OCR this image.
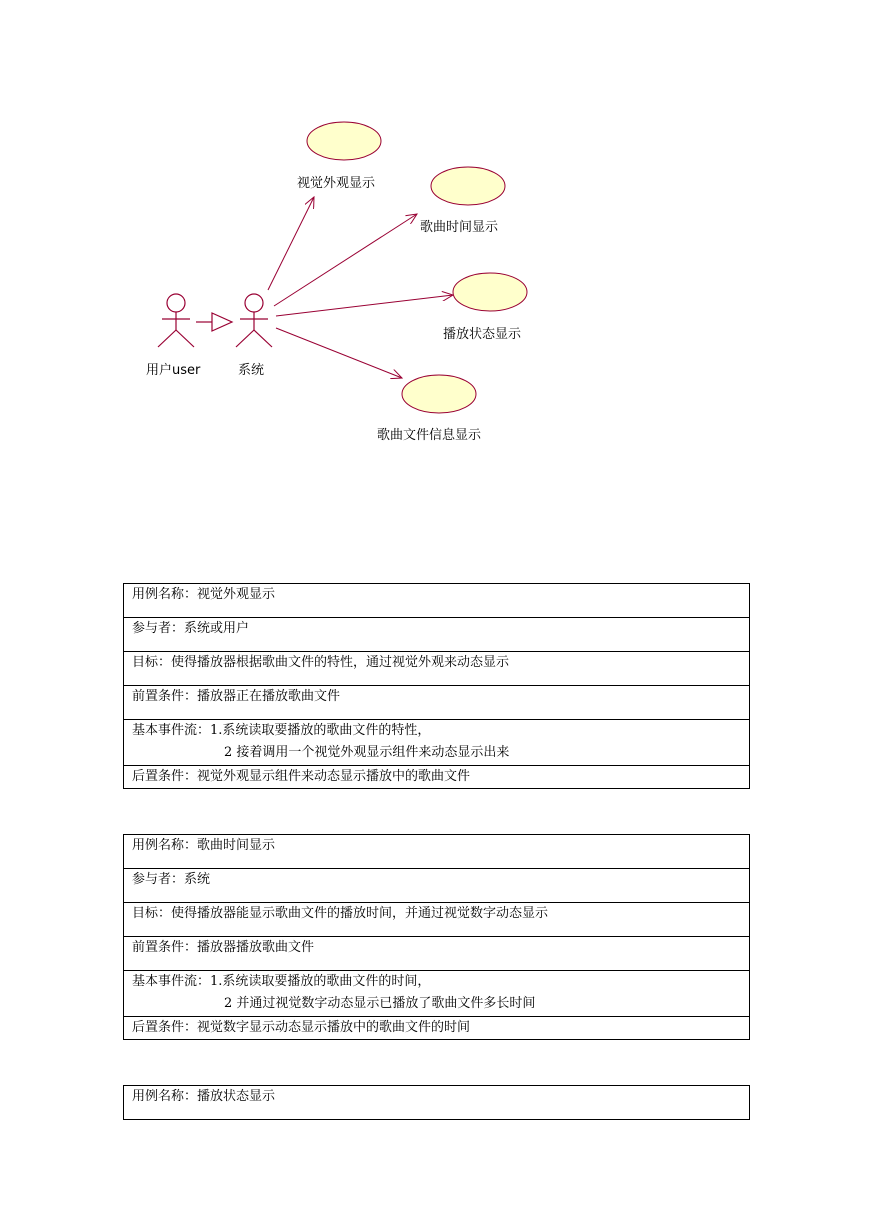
用户user	系统
视觉外观显示
歌曲时间显示
播放状态显示
歌曲文件信息显示
用例名称：视觉外观显示
参与者：系统或用户
目标：使得播放器根据歌曲文件的特性，通过视觉外观来动态显示
前置条件：播放器正在播放歌曲文件

基本事件流：1.系统读取要播放的歌曲文件的特性，
2 接着调用一个视觉外观显示组件来动态显示出来

后置条件：视觉外观显示组件来动态显示播放中的歌曲文件
用例名称：歌曲时间显示
参与者：系统
目标：使得播放器能显示歌曲文件的播放时间，并通过视觉数字动态显示
前置条件：播放器播放歌曲文件

基本事件流：1.系统读取要播放的歌曲文件的时间，
2 并通过视觉数字动态显示已播放了歌曲文件多长时间

后置条件：视觉数字显示动态显示播放中的歌曲文件的时间
用例名称：播放状态显示
